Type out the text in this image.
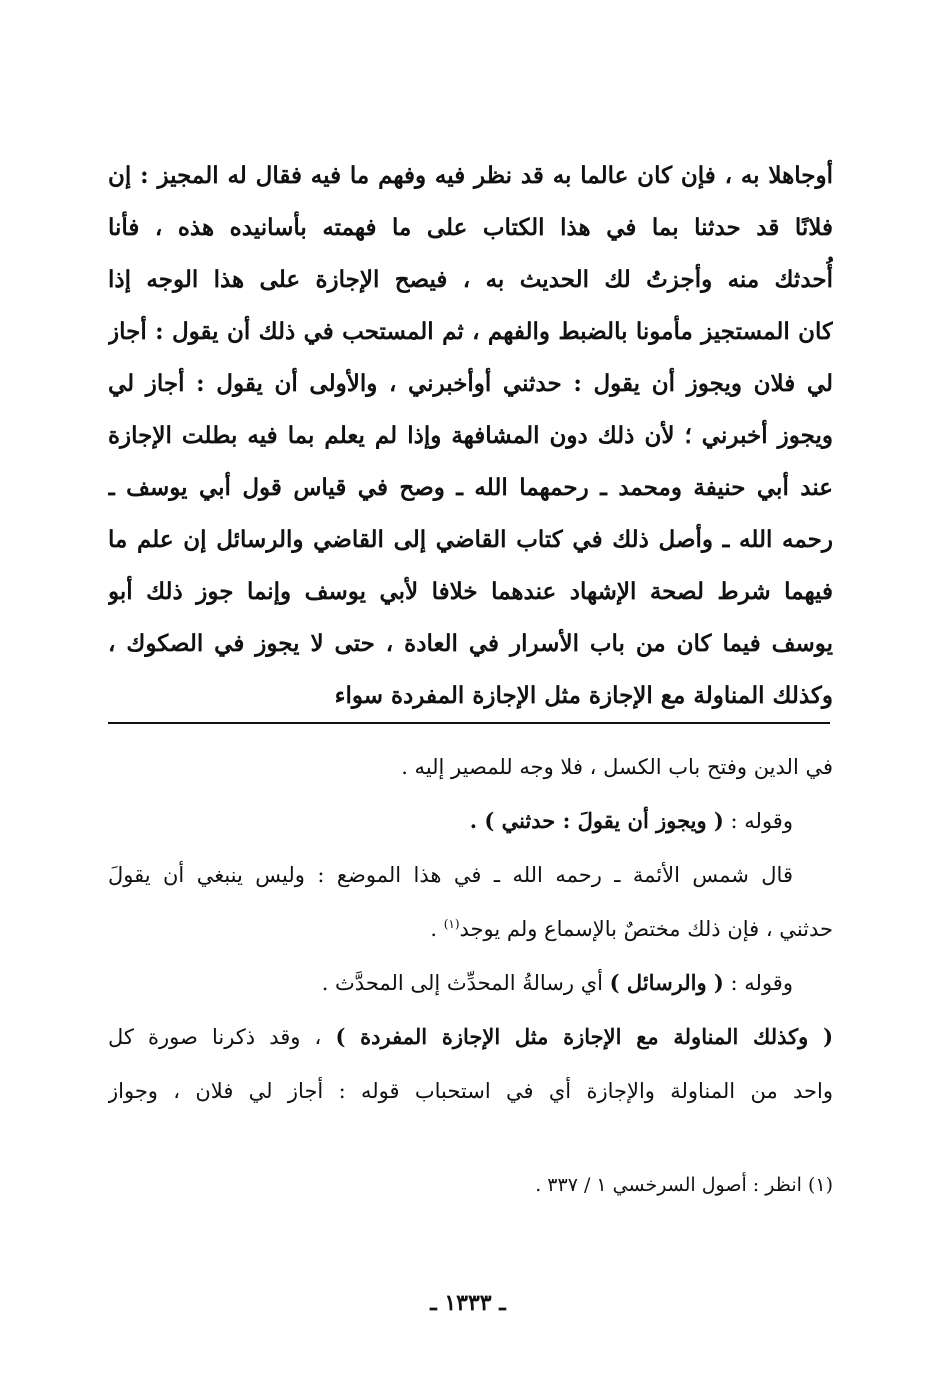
أوجاهلا به ، فإن كان عالما به قد نظر فيه وفهم ما فيه فقال له المجيز : إن
فلانًا قد حدثنا بما في هذا الكتاب على ما فهمته بأسانيده هذه ، فأنا
أُحدثك منه وأجزتُ لك الحديث به ، فيصح الإجازة على هذا الوجه إذا
كان المستجيز مأمونا بالضبط والفهم ، ثم المستحب في ذلك أن يقول : أجاز
لي فلان ويجوز أن يقول : حدثني أوأخبرني ، والأولى أن يقول : أجاز لي
ويجوز أخبرني ؛ لأن ذلك دون المشافهة وإذا لم يعلم بما فيه بطلت الإجازة
عند أبي حنيفة ومحمد ـ رحمهما الله ـ وصح في قياس قول أبي يوسف ـ
رحمه الله ـ وأصل ذلك في كتاب القاضي إلى القاضي والرسائل إن علم ما
فيهما شرط لصحة الإشهاد عندهما خلافا لأبي يوسف وإنما جوز ذلك أبو
يوسف فيما كان من باب الأسرار في العادة ، حتى لا يجوز في الصكوك ،
وكذلك المناولة مع الإجازة مثل الإجازة المفردة سواء
في الدين وفتح باب الكسل ، فلا وجه للمصير إليه .
وقوله : ( ويجوز أن يقولَ : حدثني ) .
قال شمس الأئمة ـ رحمه الله ـ في هذا الموضع : وليس ينبغي أن يقولَ
حدثني ، فإن ذلك مختصٌ بالإسماع ولم يوجد$^{(١)}$ .
وقوله : ( والرسائل ) أي رسالةُ المحدِّث إلى المحدَّث .
( وكذلك المناولة مع الإجازة مثل الإجازة المفردة ) ، وقد ذكرنا صورة كل
واحد من المناولة والإجازة أي في استحباب قوله : أجاز لي فلان ، وجواز
(١) انظر : أصول السرخسي ١ / ٣٣٧ .
ـ ١٣٣٣ ـ
